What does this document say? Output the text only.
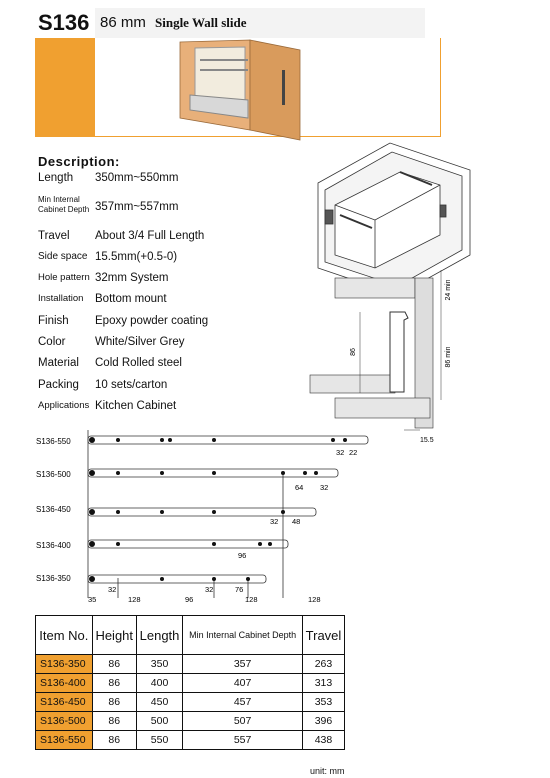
S136 86 mm Single Wall slide
24 min
86	86 min
15.5
S136-550
S136-500
S136-450
S136-400
S136-350
32 22
64 32
32 48
96
32	76
32
35	128	96	128	128
Description:
Length 350mm~550mm
Min Internal Cabinet Depth 357mm~557mm
Travel About 3/4 Full Length
Side space 15.5mm(+0.5-0)
Hole pattern 32mm System
Installation Bottom mount
Finish Epoxy powder coating
Color	White/Silver Grey
Material Cold Rolled steel
Packing 10 sets/carton
Applications Kitchen Cabinet
Item No.	Height	Length	Min Internal Cabinet Depth	Travel
S136-350	86	350	357	263
S136-400	86	400	407	313
S136-450	86	450	457	353
S136-500	86	500	507	396
S136-550	86	550	557	438
unit: mm
